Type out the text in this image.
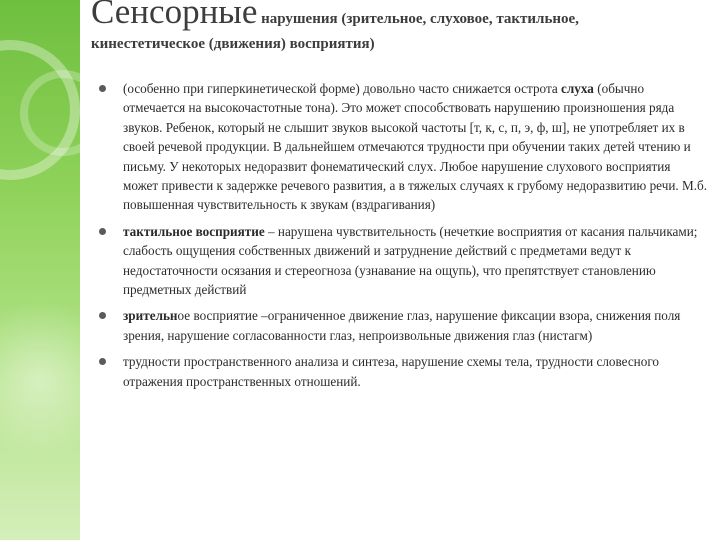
Сенсорные нарушения (зрительное, слуховое, тактильное,
кинестетическое (движения) восприятия)
(особенно при гиперкинетической форме) довольно часто снижается острота слуха (обычно отмечается на высокочастотные тона). Это может способствовать нарушению произношения ряда звуков. Ребенок, который не слышит звуков высокой частоты [т, к, с, п, э, ф, ш], не употребляет их в своей речевой продукции. В дальнейшем отмечаются трудности при обучении таких детей чтению и письму. У некоторых недоразвит фонематический слух. Любое нарушение слухового восприятия может привести к задержке речевого развития, а в тяжелых случаях к грубому недоразвитию речи. М.б. повышенная чувствительность к звукам (вздрагивания)
тактильное восприятие – нарушена чувствительность (нечеткие восприятия от касания пальчиками; слабость ощущения собственных движений и затруднение действий с предметами ведут к недостаточности осязания и стереогноза (узнавание на ощупь), что препятствует становлению предметных действий
зрительное восприятие –ограниченное движение глаз, нарушение фиксации взора, снижения поля зрения, нарушение согласованности глаз, непроизвольные движения глаз (нистагм)
трудности пространственного анализа и синтеза, нарушение схемы тела, трудности словесного отражения пространственных отношений.
